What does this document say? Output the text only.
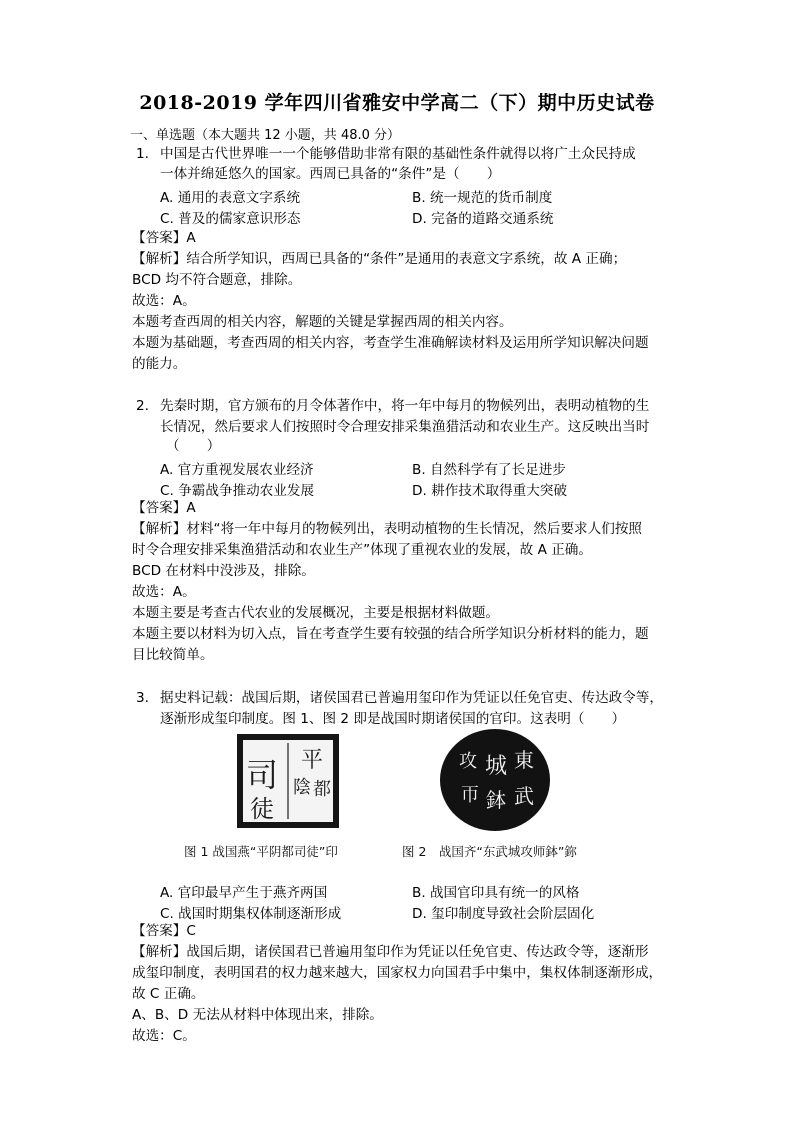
2018-2019 学年四川省雅安中学高二（下）期中历史试卷
一、单选题（本大题共 12 小题，共 48.0 分）
1. 中国是古代世界唯一一个能够借助非常有限的基础性条件就得以将广土众民持成
一体并绵延悠久的国家。西周已具备的“条件”是（　　）
A. 通用的表意文字系统	B. 统一规范的货币制度
C. 普及的儒家意识形态	D. 完备的道路交通系统
【答案】A
【解析】结合所学知识，西周已具备的“条件”是通用的表意文字系统，故 A 正确；
BCD 均不符合题意，排除。
故选：A。
本题考查西周的相关内容，解题的关键是掌握西周的相关内容。
本题为基础题，考查西周的相关内容，考查学生准确解读材料及运用所学知识解决问题
的能力。
2. 先秦时期，官方颁布的月令体著作中，将一年中每月的物候列出，表明动植物的生
长情况，然后要求人们按照时令合理安排采集渔猎活动和农业生产。这反映出当时
（　　）
A. 官方重视发展农业经济	B. 自然科学有了长足进步
C. 争霸战争推动农业发展	D. 耕作技术取得重大突破
【答案】A
【解析】材料“将一年中每月的物候列出，表明动植物的生长情况，然后要求人们按照
时令合理安排采集渔猎活动和农业生产”体现了重视农业的发展，故 A 正确。
BCD 在材料中没涉及，排除。
故选：A。
本题主要是考查古代农业的发展概况，主要是根据材料做题。
本题主要以材料为切入点，旨在考查学生要有较强的结合所学知识分析材料的能力，题
目比较简单。
3. 据史料记载：战国后期，诸侯国君已普遍用玺印作为凭证以任免官吏、传达政令等，
逐渐形成玺印制度。图 1、图 2 即是战国时期诸侯国的官印。这表明（　　）
司
徒
平
陰 都
图 1 战国燕“平阴都司徒”印
攻
帀
城
鉢
東
武
图 2　战国齐“东武城攻师鉢”鉨
A. 官印最早产生于燕齐两国	B. 战国官印具有统一的风格
C. 战国时期集权体制逐渐形成	D. 玺印制度导致社会阶层固化
【答案】C
【解析】战国后期，诸侯国君已普遍用玺印作为凭证以任免官吏、传达政令等，逐渐形
成玺印制度，表明国君的权力越来越大，国家权力向国君手中集中，集权体制逐渐形成，
故 C 正确。
A、B、D 无法从材料中体现出来，排除。
故选：C。
